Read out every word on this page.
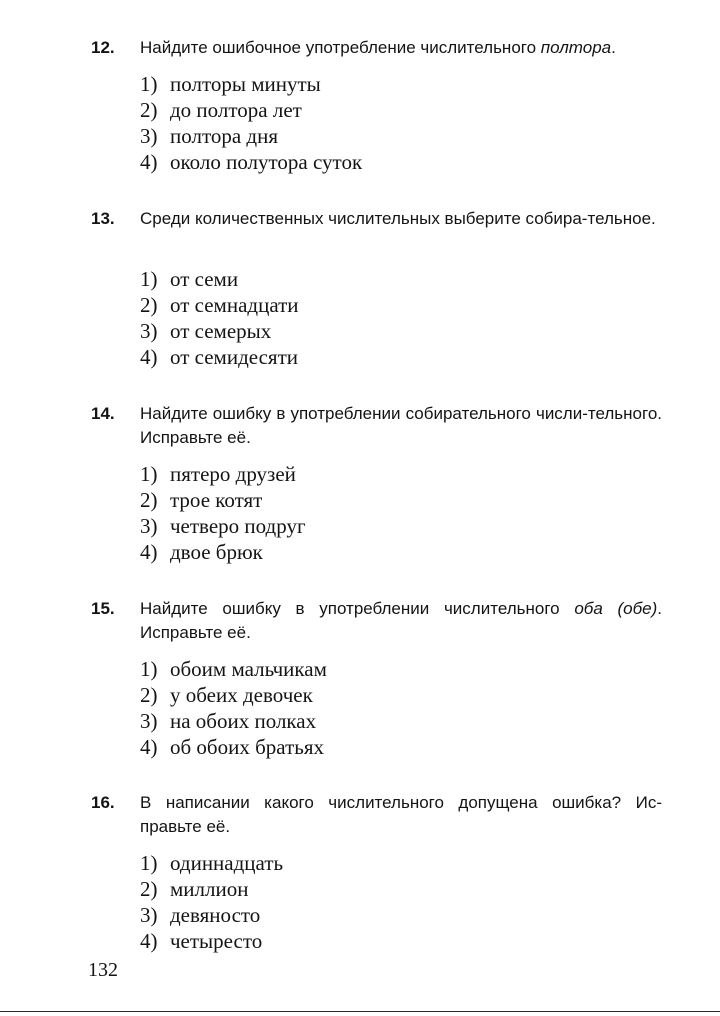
12. Найдите ошибочное употребление числительного полтора.

1) полторы минуты
2) до полтора лет
3) полтора дня
4) около полутора суток
13. Среди количественных числительных выберите собира-тельное.

1) от семи
2) от семнадцати
3) от семерых
4) от семидесяти
14. Найдите ошибку в употреблении собирательного числи-тельного. Исправьте её.

1) пятеро друзей
2) трое котят
3) четверо подруг
4) двое брюк
15. Найдите ошибку в употреблении числительного оба (обе). Исправьте её.

1) обоим мальчикам
2) у обеих девочек
3) на обоих полках
4) об обоих братьях
16. В написании какого числительного допущена ошибка? Ис-правьте её.

1) одиннадцать
2) миллион
3) девяносто
4) четыресто
132
